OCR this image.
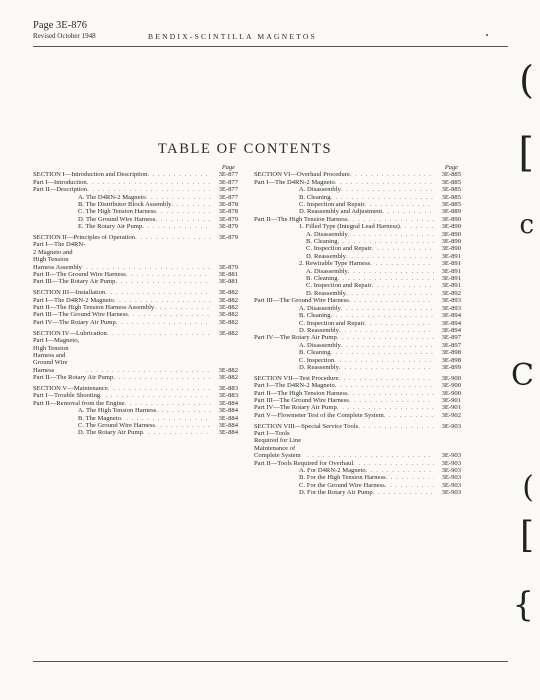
Page 3E-876
Revised October 1948	BENDIX-SCINTILLA MAGNETOS
TABLE OF CONTENTS
Page
SECTION I—Introduction and Description . . .	3E-877
Part I—Introduction . . .	3E-877
Part II—Description . . .	3E-877
A. The D4RN-2 Magneto . . .	3E-877
B. The Distributor Block Assembly . . .	3E-878
C. The High Tension Harness . . .	3E-878
D. The Ground Wire Harness . . .	3E-879
E. The Rotary Air Pump . . .	3E-879
SECTION II—Principles of Operation . . .	3E-879
Part I—The D4RN-2 Magneto and High Tension Harness Assembly . . .	3E-879
Part II—The Ground Wire Harness . . .	3E-881
Part III—The Rotary Air Pump . . .	3E-881
SECTION III—Installation . . .	3E-882
Part I—The D4RN-2 Magneto . . .	3E-882
Part II—The High Tension Harness Assembly . . .	3E-882
Part III—The Ground Wire Harness . . .	3E-882
Part IV—The Rotary Air Pump . . .	3E-882
SECTION IV—Lubrication . . .	3E-882
Part I—Magneto, High Tension Harness and Ground Wire Harness . . .	3E-882
Part II—The Rotary Air Pump . . .	3E-882
SECTION V—Maintenance . . .	3E-883
Part I—Trouble Shooting . . .	3E-883
Part II—Removal from the Engine . . .	3E-884
A. The High Tension Harness . . .	3E-884
B. The Magneto . . .	3E-884
C. The Ground Wire Harness . . .	3E-884
D. The Rotary Air Pump . . .	3E-884
Page
SECTION VI—Overhaul Procedure . . .	3E-885
Part I—The D4RN-2 Magneto . . .	3E-885
A. Disassembly . . .	3E-885
B. Cleaning . . .	3E-885
C. Inspection and Repair . . .	3E-885
D. Reassembly and Adjustment . . .	3E-889
Part II—The High Tension Harness . . .	3E-890
1. Filled Type (Integral Lead Harness) . . .	3E-890
A. Disassembly . . .	3E-890
B. Cleaning . . .	3E-890
C. Inspection and Repair . . .	3E-890
D. Reassembly . . .	3E-891
2. Rewirable Type Harness . . .	3E-891
A. Disassembly . . .	3E-891
B. Cleaning . . .	3E-891
C. Inspection and Repair . . .	3E-891
D. Reassembly . . .	3E-892
Part III—The Ground Wire Harness . . .	3E-893
A. Disassembly . . .	3E-893
B. Cleaning . . .	3E-894
C. Inspection and Repair . . .	3E-894
D. Reassembly . . .	3E-894
Part IV—The Rotary Air Pump . . .	3E-897
A. Disassembly . . .	3E-897
B. Cleaning . . .	3E-898
C. Inspection . . .	3E-898
D. Reassembly . . .	3E-899
SECTION VII—Test Procedure . . .	3E-900
Part I—The D4RN-2 Magneto . . .	3E-900
Part II—The High Tension Harness . . .	3E-900
Part III—The Ground Wire Harness . . .	3E-901
Part IV—The Rotary Air Pump . . .	3E-901
Part V—Flowmeter Test of the Complete System . . .	3E-902
SECTION VIII—Special Service Tools . . .	3E-903
Part I—Tools Required for Line Maintenance of Complete System . . .	3E-903
Part II—Tools Required for Overhaul . . .	3E-903
A. For D4RN-2 Magneto . . .	3E-903
B. For the High Tension Harness . . .	3E-903
C. For the Ground Wire Harness . . .	3E-903
D. For the Rotary Air Pump . . .	3E-903
(
[
c
C
(
[
{
